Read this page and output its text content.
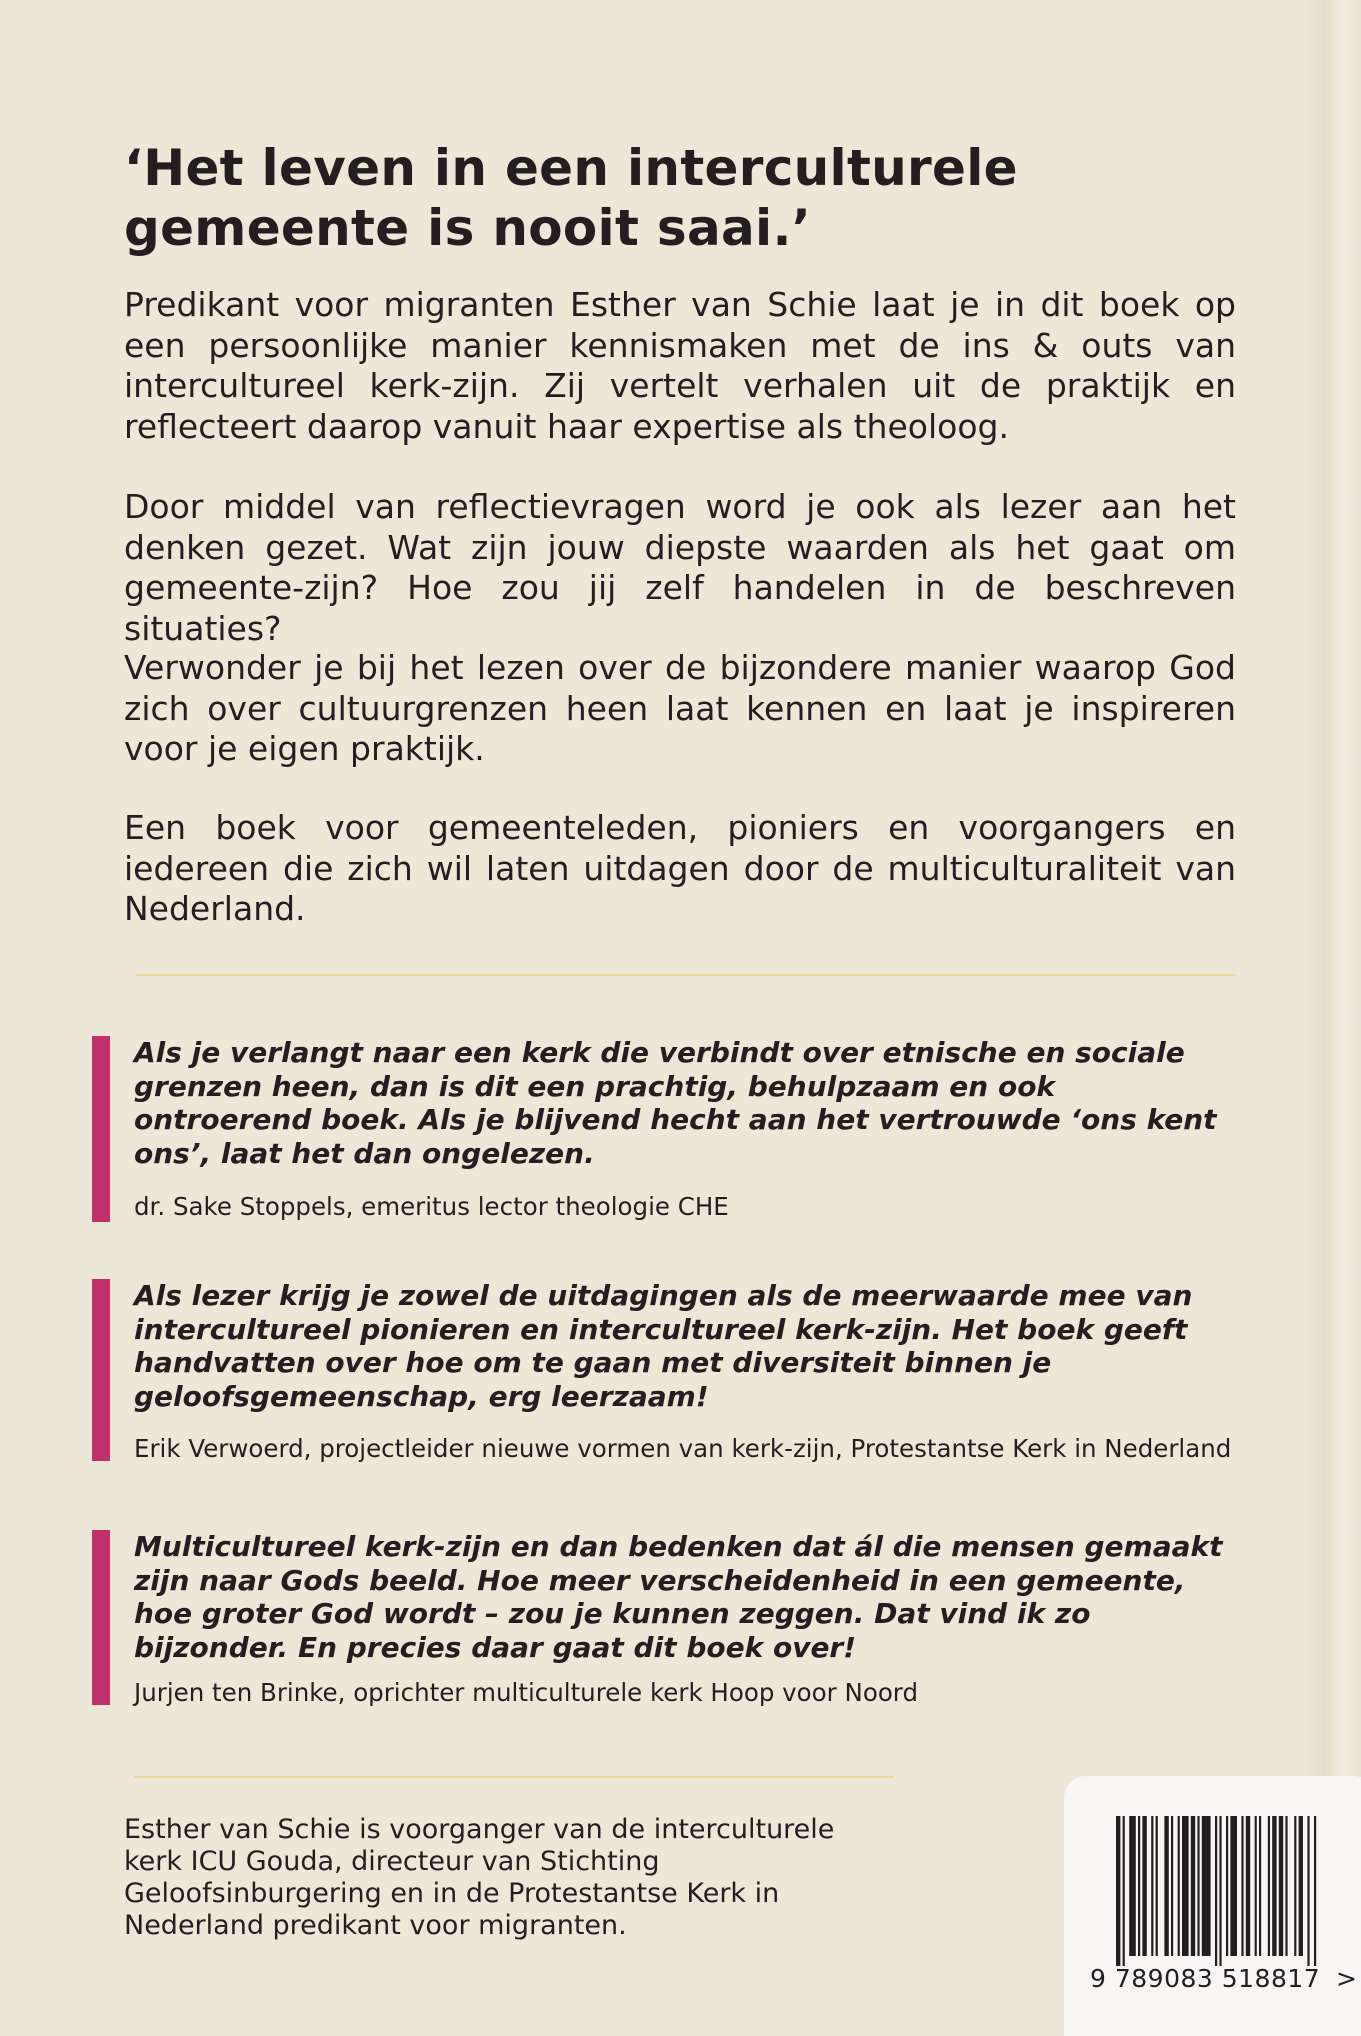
‘Het leven in een interculturele
gemeente is nooit saai.’

Predikant voor migranten Esther van Schie laat je in dit boek op een persoonlijke manier kennismaken met de ins & outs van intercultureel kerk-zijn. Zij vertelt verhalen uit de praktijk en reflecteert daarop vanuit haar expertise als theoloog.

Door middel van reflectievragen word je ook als lezer aan het denken gezet. Wat zijn jouw diepste waarden als het gaat om gemeente-zijn? Hoe zou jij zelf handelen in de beschreven situaties?

Verwonder je bij het lezen over de bijzondere manier waarop God zich over cultuurgrenzen heen laat kennen en laat je inspireren voor je eigen praktijk.

Een boek voor gemeenteleden, pioniers en voorgangers en iedereen die zich wil laten uitdagen door de multiculturaliteit van Nederland.

Als je verlangt naar een kerk die verbindt over etnische en sociale grenzen heen, dan is dit een prachtig, behulpzaam en ook ontroerend boek. Als je blijvend hecht aan het vertrouwde ‘ons kent ons’, laat het dan ongelezen.

dr. Sake Stoppels, emeritus lector theologie CHE

Als lezer krijg je zowel de uitdagingen als de meerwaarde mee van intercultureel pionieren en intercultureel kerk-zijn. Het boek geeft handvatten over hoe om te gaan met diversiteit binnen je geloofsgemeenschap, erg leerzaam!

Erik Verwoerd, projectleider nieuwe vormen van kerk-zijn, Protestantse Kerk in Nederland

Multicultureel kerk-zijn en dan bedenken dat ál die mensen gemaakt zijn naar Gods beeld. Hoe meer verscheidenheid in een gemeente, hoe groter God wordt – zou je kunnen zeggen. Dat vind ik zo bijzonder. En precies daar gaat dit boek over!

Jurjen ten Brinke, oprichter multiculturele kerk Hoop voor Noord

Esther van Schie is voorganger van de interculturele kerk ICU Gouda, directeur van Stichting Geloofsinburgering en in de Protestantse Kerk in Nederland predikant voor migranten.

9 789083 518817 >
